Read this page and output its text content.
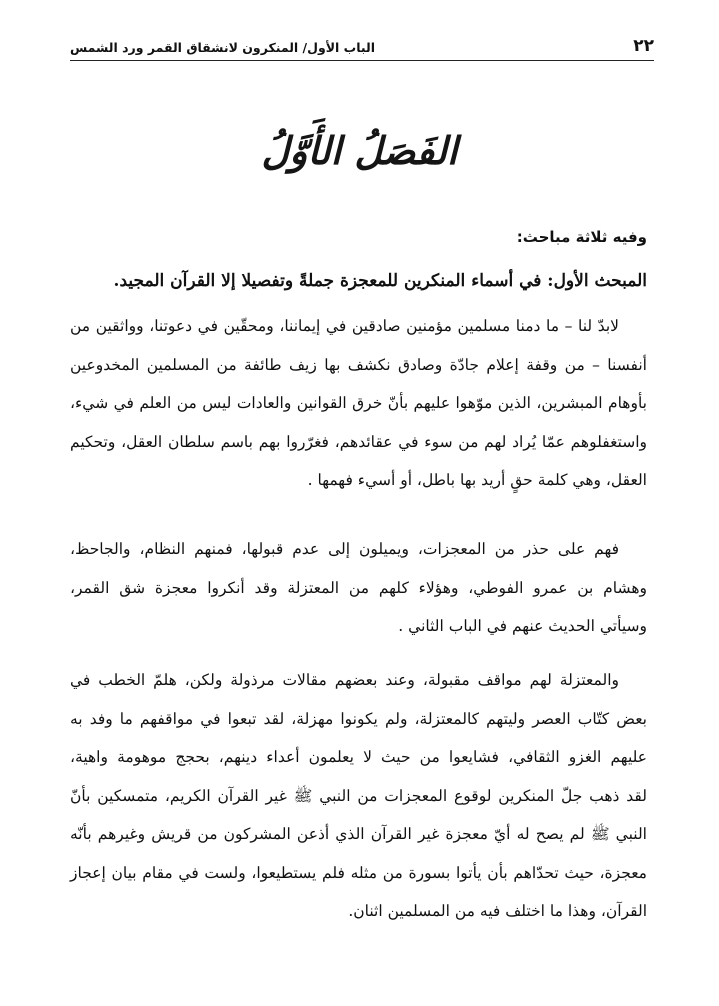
٢٢
الباب الأول/ المنكرون لانشقاق القمر ورد الشمس
الفَصَلُ الأَوَّلُ
وفيه ثلاثة مباحث:
المبحث الأول: في أسماء المنكرين للمعجزة جملةً وتفصيلا إلا القرآن المجيد.
لابدّ لنا – ما دمنا مسلمين مؤمنين صادقين في إيماننا، ومحقّين في دعوتنا، وواثقين من
أنفسنا – من وقفة إعلام جادّة وصادق نكشف بها زيف طائفة من المسلمين المخدوعين
بأوهام المبشرين، الذين موّهوا عليهم بأنّ خرق القوانين والعادات ليس من العلم في شيء،
واستغفلوهم عمّا يُراد لهم من سوء في عقائدهم، فغرّروا بهم باسم سلطان العقل، وتحكيم
العقل، وهي كلمة حقٍ أريد بها باطل، أو أسيء فهمها .
فهم على حذر من المعجزات، ويميلون إلى عدم قبولها، فمنهم النظام، والجاحظ،
وهشام بن عمرو الفوطي، وهؤلاء كلهم من المعتزلة وقد أنكروا معجزة شق القمر،
وسيأتي الحديث عنهم في الباب الثاني .
والمعتزلة لهم مواقف مقبولة، وعند بعضهم مقالات مرذولة ولكن، هلمّ الخطب في
بعض كتّاب العصر وليتهم كالمعتزلة، ولم يكونوا مهزلة، لقد تبعوا في مواقفهم ما وفد به
عليهم الغزو الثقافي، فشايعوا من حيث لا يعلمون أعداء دينهم، بحجج موهومة واهية،
لقد ذهب جلّ المنكرين لوقوع المعجزات من النبي ﷺ غير القرآن الكريم، متمسكين بأنّ
النبي ﷺ لم يصح له أيّ معجزة غير القرآن الذي أذعن المشركون من قريش وغيرهم بأنّه
معجزة، حيث تحدّاهم بأن يأتوا بسورة من مثله فلم يستطيعوا، ولست في مقام بيان إعجاز
القرآن، وهذا ما اختلف فيه من المسلمين اثنان.
